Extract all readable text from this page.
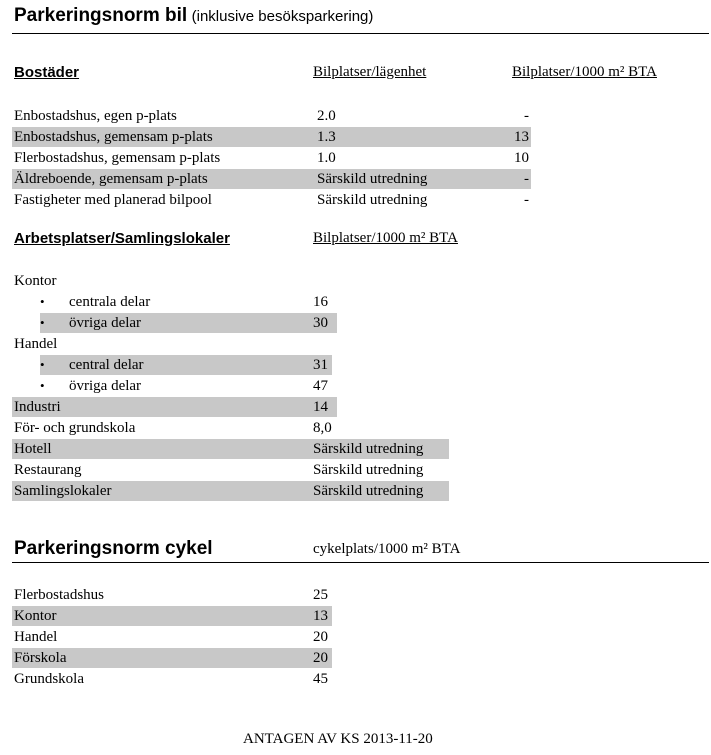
Parkeringsnorm bil (inklusive besöksparkering)
Bostäder	Bilplatser/lägenhet	Bilplatser/1000 m² BTA
Enbostadshus, egen p-plats	2.0	-
Enbostadshus, gemensam p-plats	1.3	13
Flerbostadshus, gemensam p-plats	1.0	10
Äldreboende, gemensam p-plats	Särskild utredning	-
Fastigheter med planerad bilpool	Särskild utredning	-
Arbetsplatser/Samlingslokaler	Bilplatser/1000 m² BTA
Kontor
• centrala delar	16
• övriga delar	30
Handel
• central delar	31
• övriga delar	47
Industri	14
För- och grundskola	8,0
Hotell	Särskild utredning
Restaurang	Särskild utredning
Samlingslokaler	Särskild utredning
Parkeringsnorm cykel	cykelplats/1000 m² BTA
Flerbostadshus	25
Kontor	13
Handel	20
Förskola	20
Grundskola	45
ANTAGEN AV KS 2013-11-20
